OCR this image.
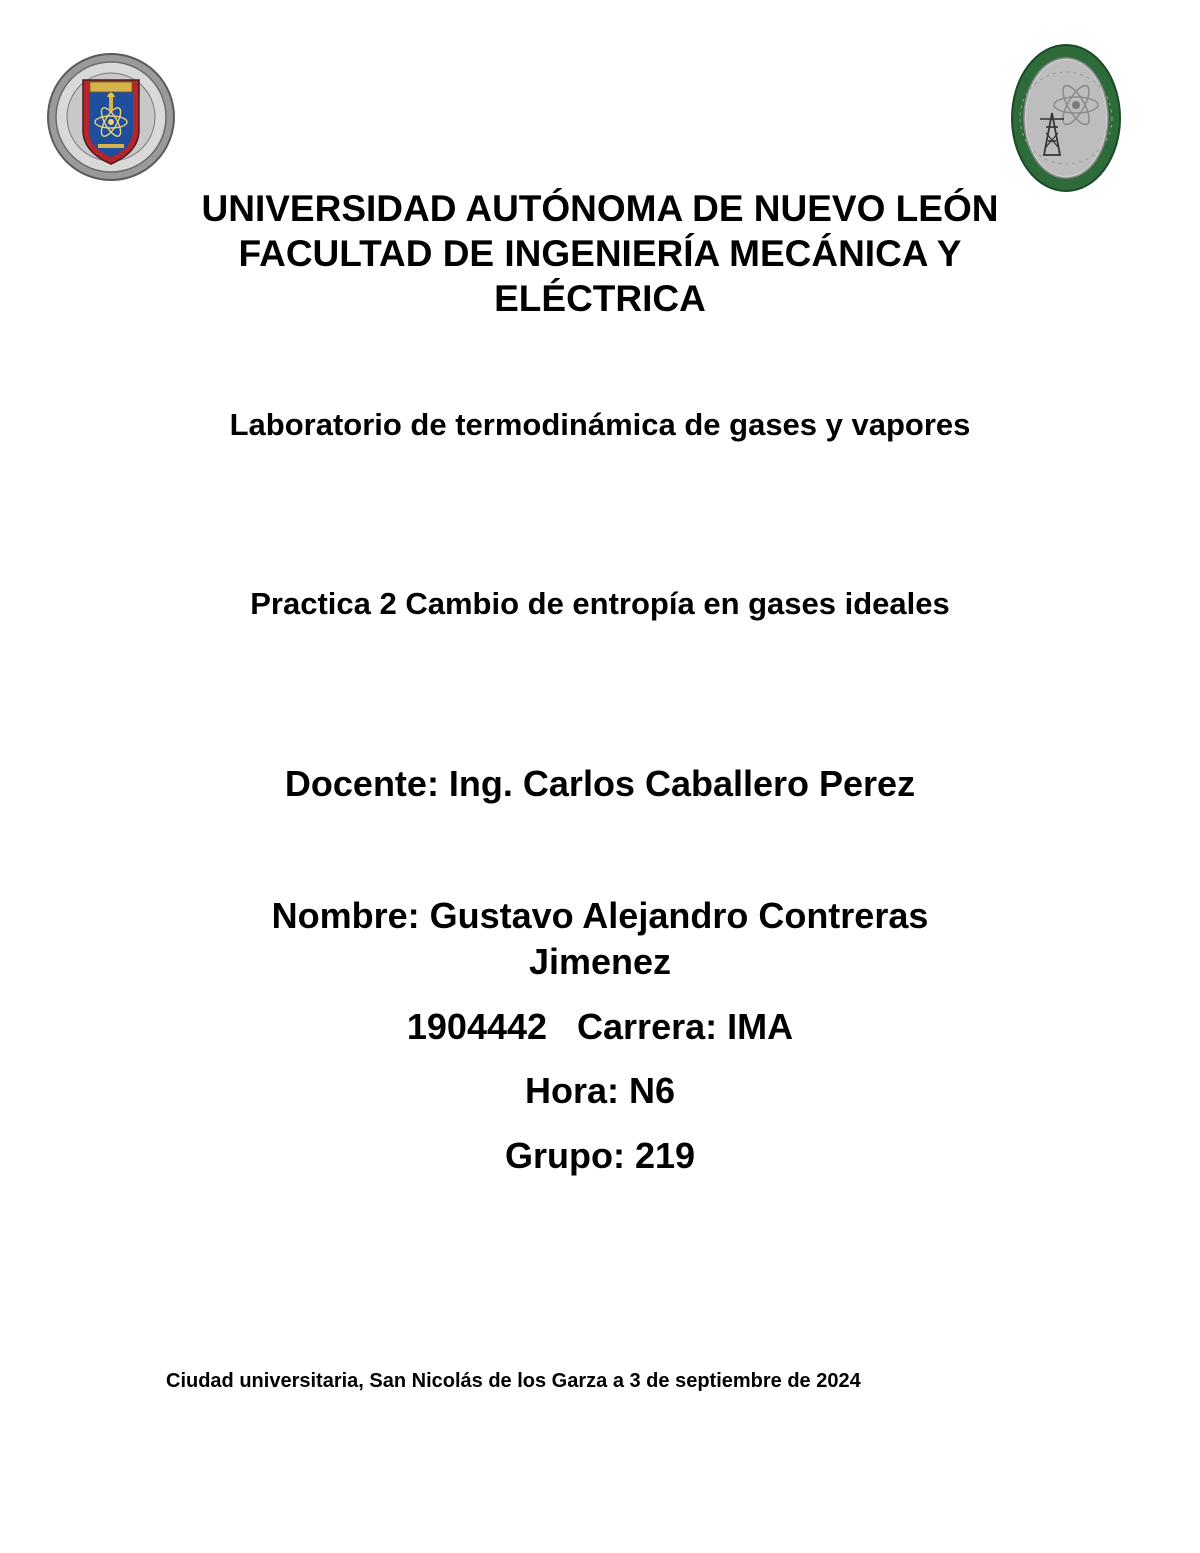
UNIVERSIDAD AUTÓNOMA DE NUEVO LEÓN
FACULTAD DE INGENIERÍA MECÁNICA Y
ELÉCTRICA

Laboratorio de termodinámica de gases y vapores

Practica 2 Cambio de entropía en gases ideales

Docente: Ing. Carlos Caballero Perez

Nombre: Gustavo Alejandro Contreras
Jimenez

1904442   Carrera: IMA

Hora: N6

Grupo: 219

Ciudad universitaria, San Nicolás de los Garza a 3 de septiembre de 2024
